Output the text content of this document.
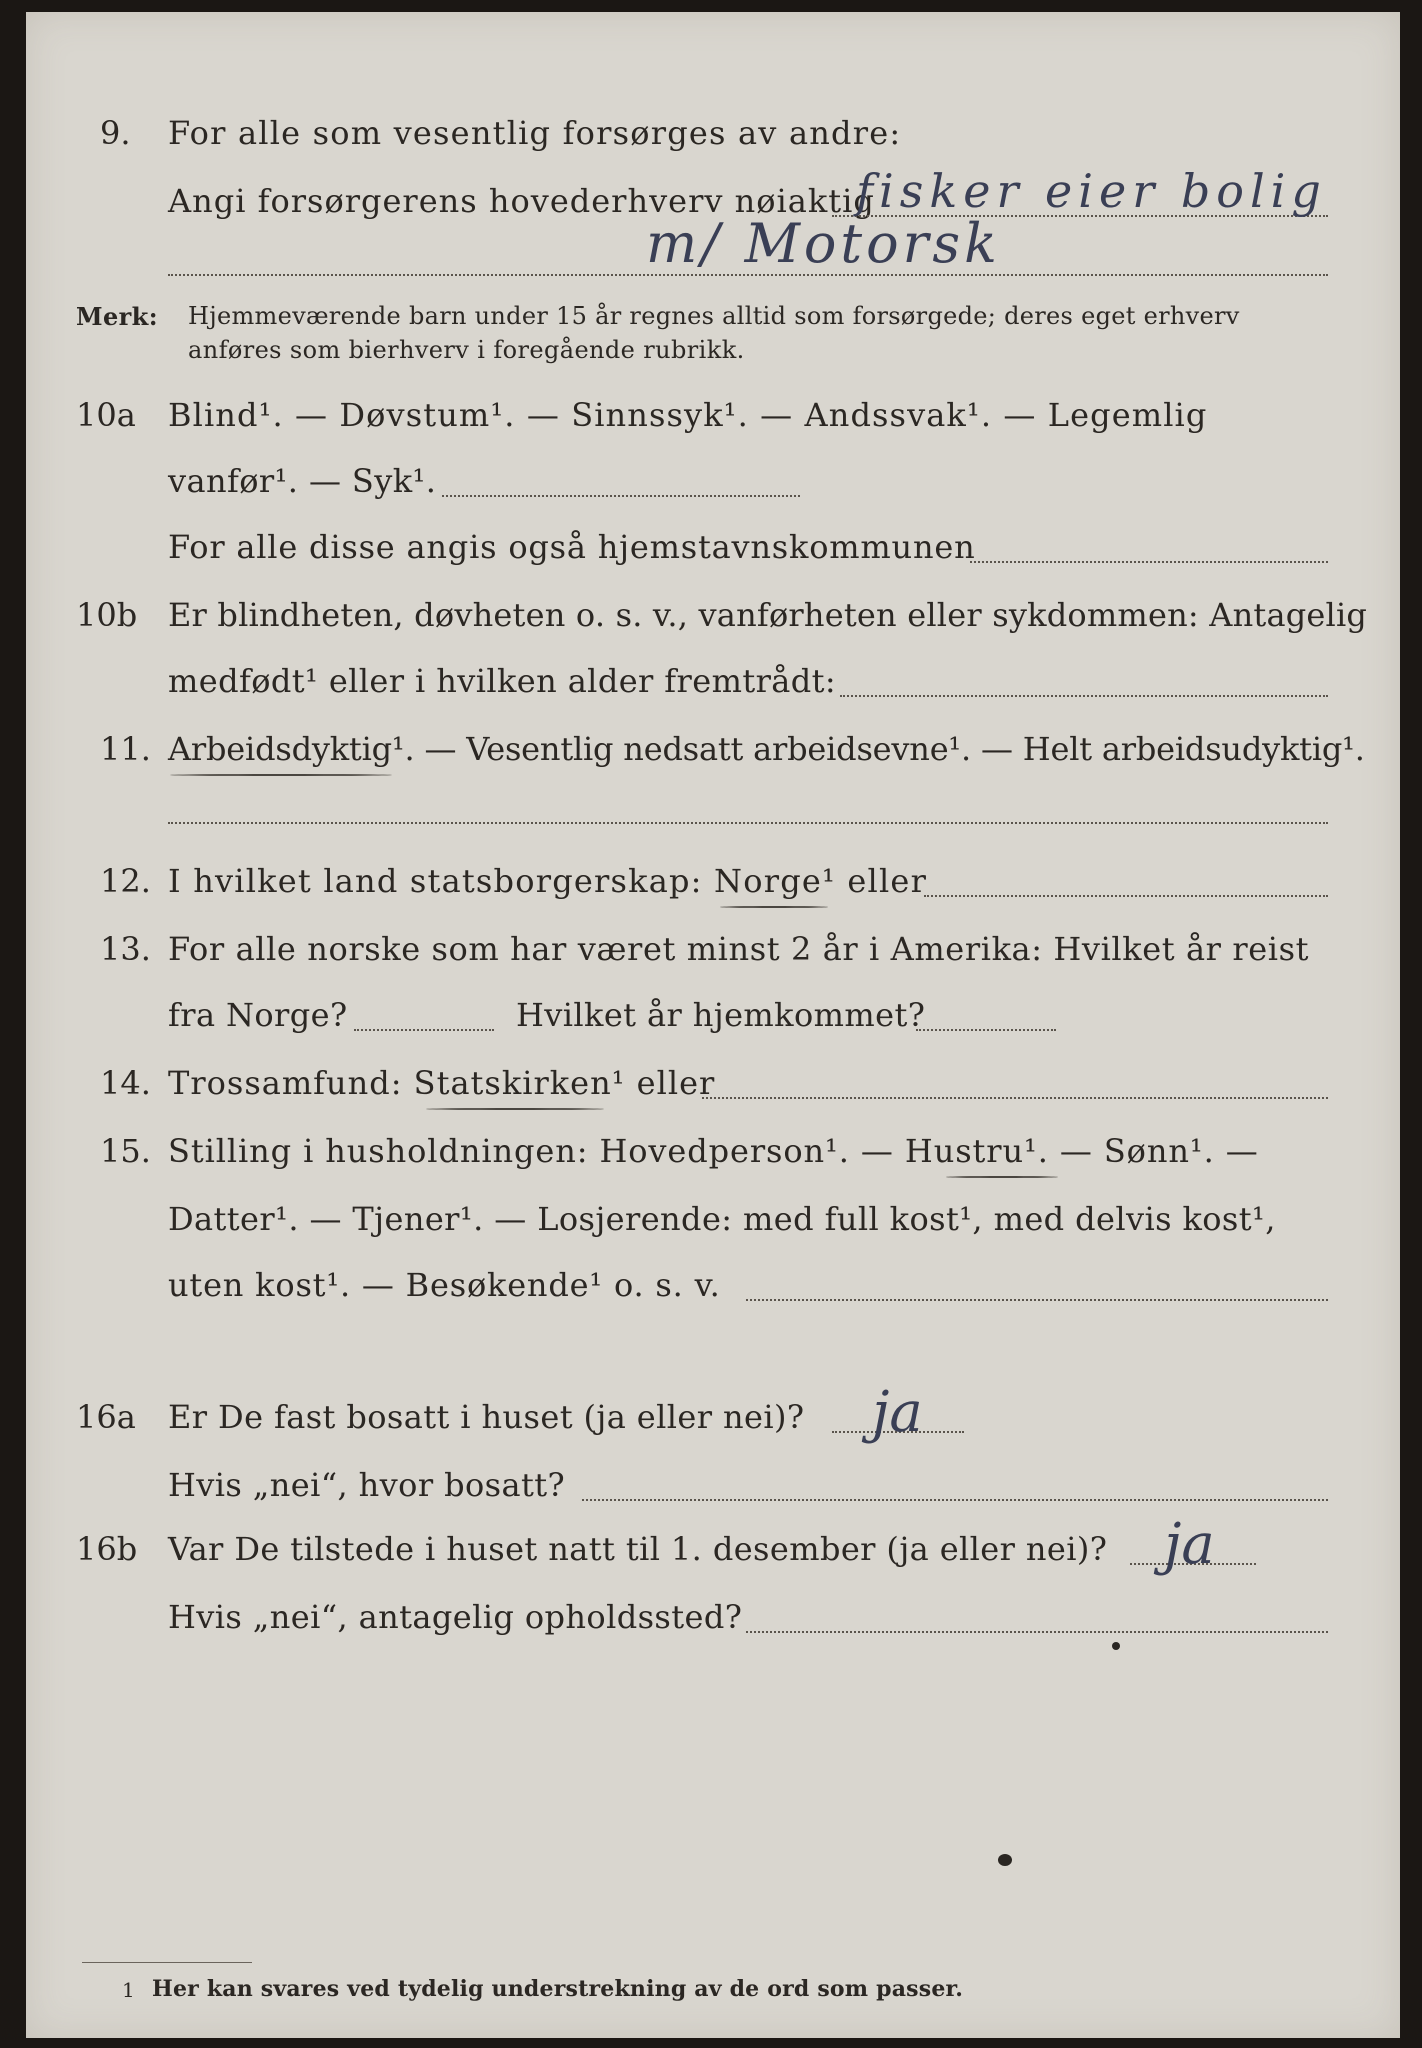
9. For alle som vesentlig forsørges av andre:
Angi forsørgerens hovederhverv nøiaktig
fisker eier bolig
m/ Motorsk
Merk: Hjemmeværende barn under 15 år regnes alltid som forsørgede; deres eget erhverv
anføres som bierhverv i foregående rubrikk.
10a Blind¹. — Døvstum¹. — Sinnssyk¹. — Andssvak¹. — Legemlig
vanfør¹. — Syk¹.
For alle disse angis også hjemstavnskommunen
10b Er blindheten, døvheten o. s. v., vanførheten eller sykdommen: Antagelig
medfødt¹ eller i hvilken alder fremtrådt:
11. Arbeidsdyktig¹. — Vesentlig nedsatt arbeidsevne¹. — Helt arbeidsudyktig¹.
12. I hvilket land statsborgerskap: Norge¹ eller
13. For alle norske som har været minst 2 år i Amerika: Hvilket år reist
fra Norge?	Hvilket år hjemkommet?
14. Trossamfund: Statskirken¹ eller
15. Stilling i husholdningen: Hovedperson¹. — Hustru¹. — Sønn¹. —
Datter¹. — Tjener¹. — Losjerende: med full kost¹, med delvis kost¹,
uten kost¹. — Besøkende¹ o. s. v.
16a Er De fast bosatt i huset (ja eller nei)? ja
Hvis „nei“, hvor bosatt?
16b Var De tilstede i huset natt til 1. desember (ja eller nei)? ja
Hvis „nei“, antagelig opholdssted?
1 Her kan svares ved tydelig understrekning av de ord som passer.
